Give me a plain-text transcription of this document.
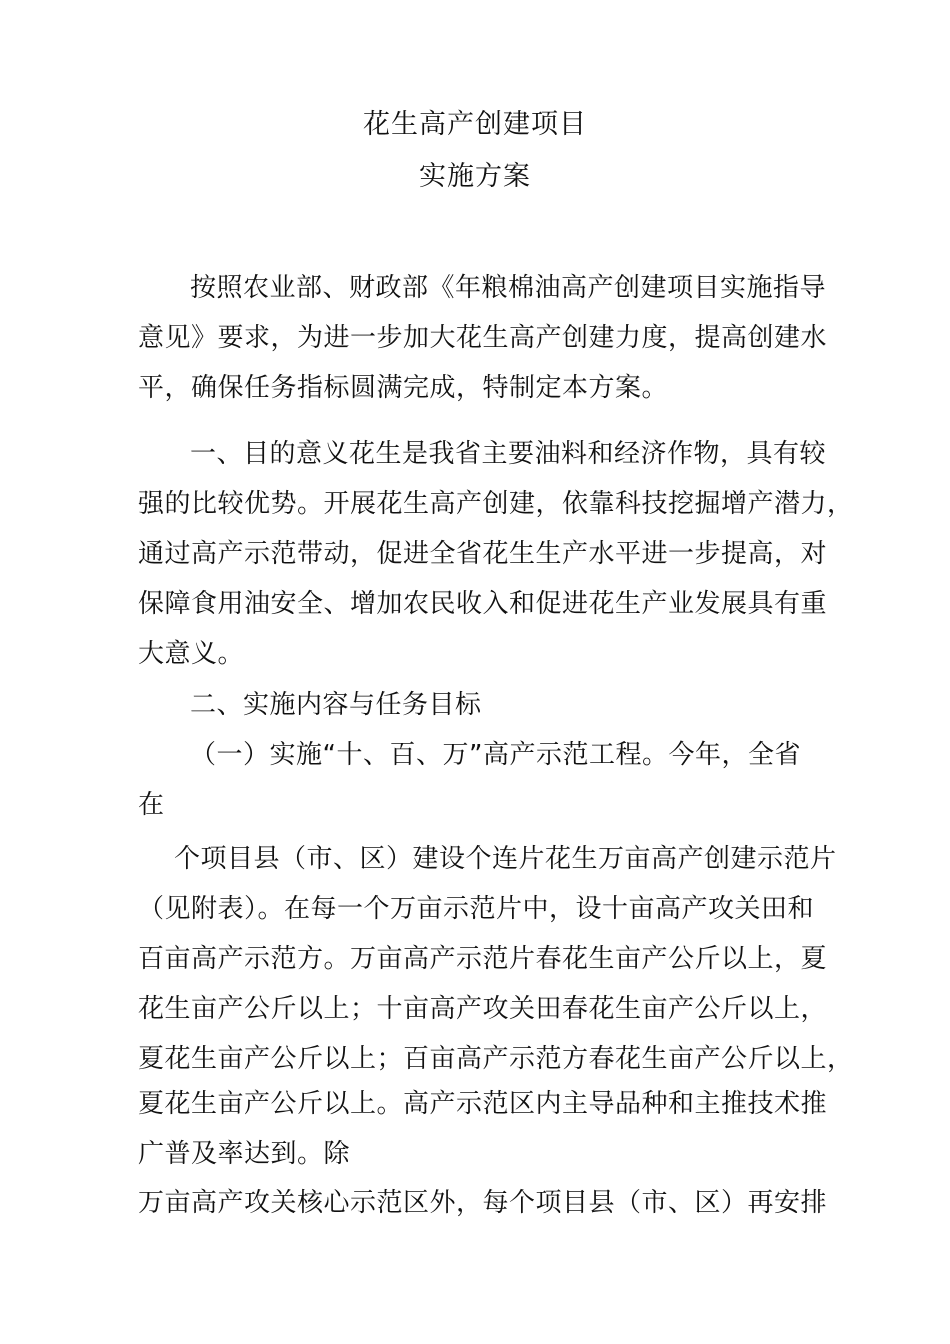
花生高产创建项目
实施方案
按照农业部、财政部《年粮棉油高产创建项目实施指导
意见》要求，为进一步加大花生高产创建力度，提高创建水
平，确保任务指标圆满完成，特制定本方案。
一、目的意义花生是我省主要油料和经济作物，具有较
强的比较优势。开展花生高产创建，依靠科技挖掘增产潜力，
通过高产示范带动，促进全省花生生产水平进一步提高，对
保障食用油安全、增加农民收入和促进花生产业发展具有重
大意义。
二、实施内容与任务目标
（一）实施“十、百、万”高产示范工程。今年，全省
在
个项目县（市、区）建设个连片花生万亩高产创建示范片
（见附表）。在每一个万亩示范片中，设十亩高产攻关田和
百亩高产示范方。万亩高产示范片春花生亩产公斤以上，夏
花生亩产公斤以上；十亩高产攻关田春花生亩产公斤以上，
夏花生亩产公斤以上；百亩高产示范方春花生亩产公斤以上，
夏花生亩产公斤以上。高产示范区内主导品种和主推技术推
广普及率达到。除
万亩高产攻关核心示范区外，每个项目县（市、区）再安排
